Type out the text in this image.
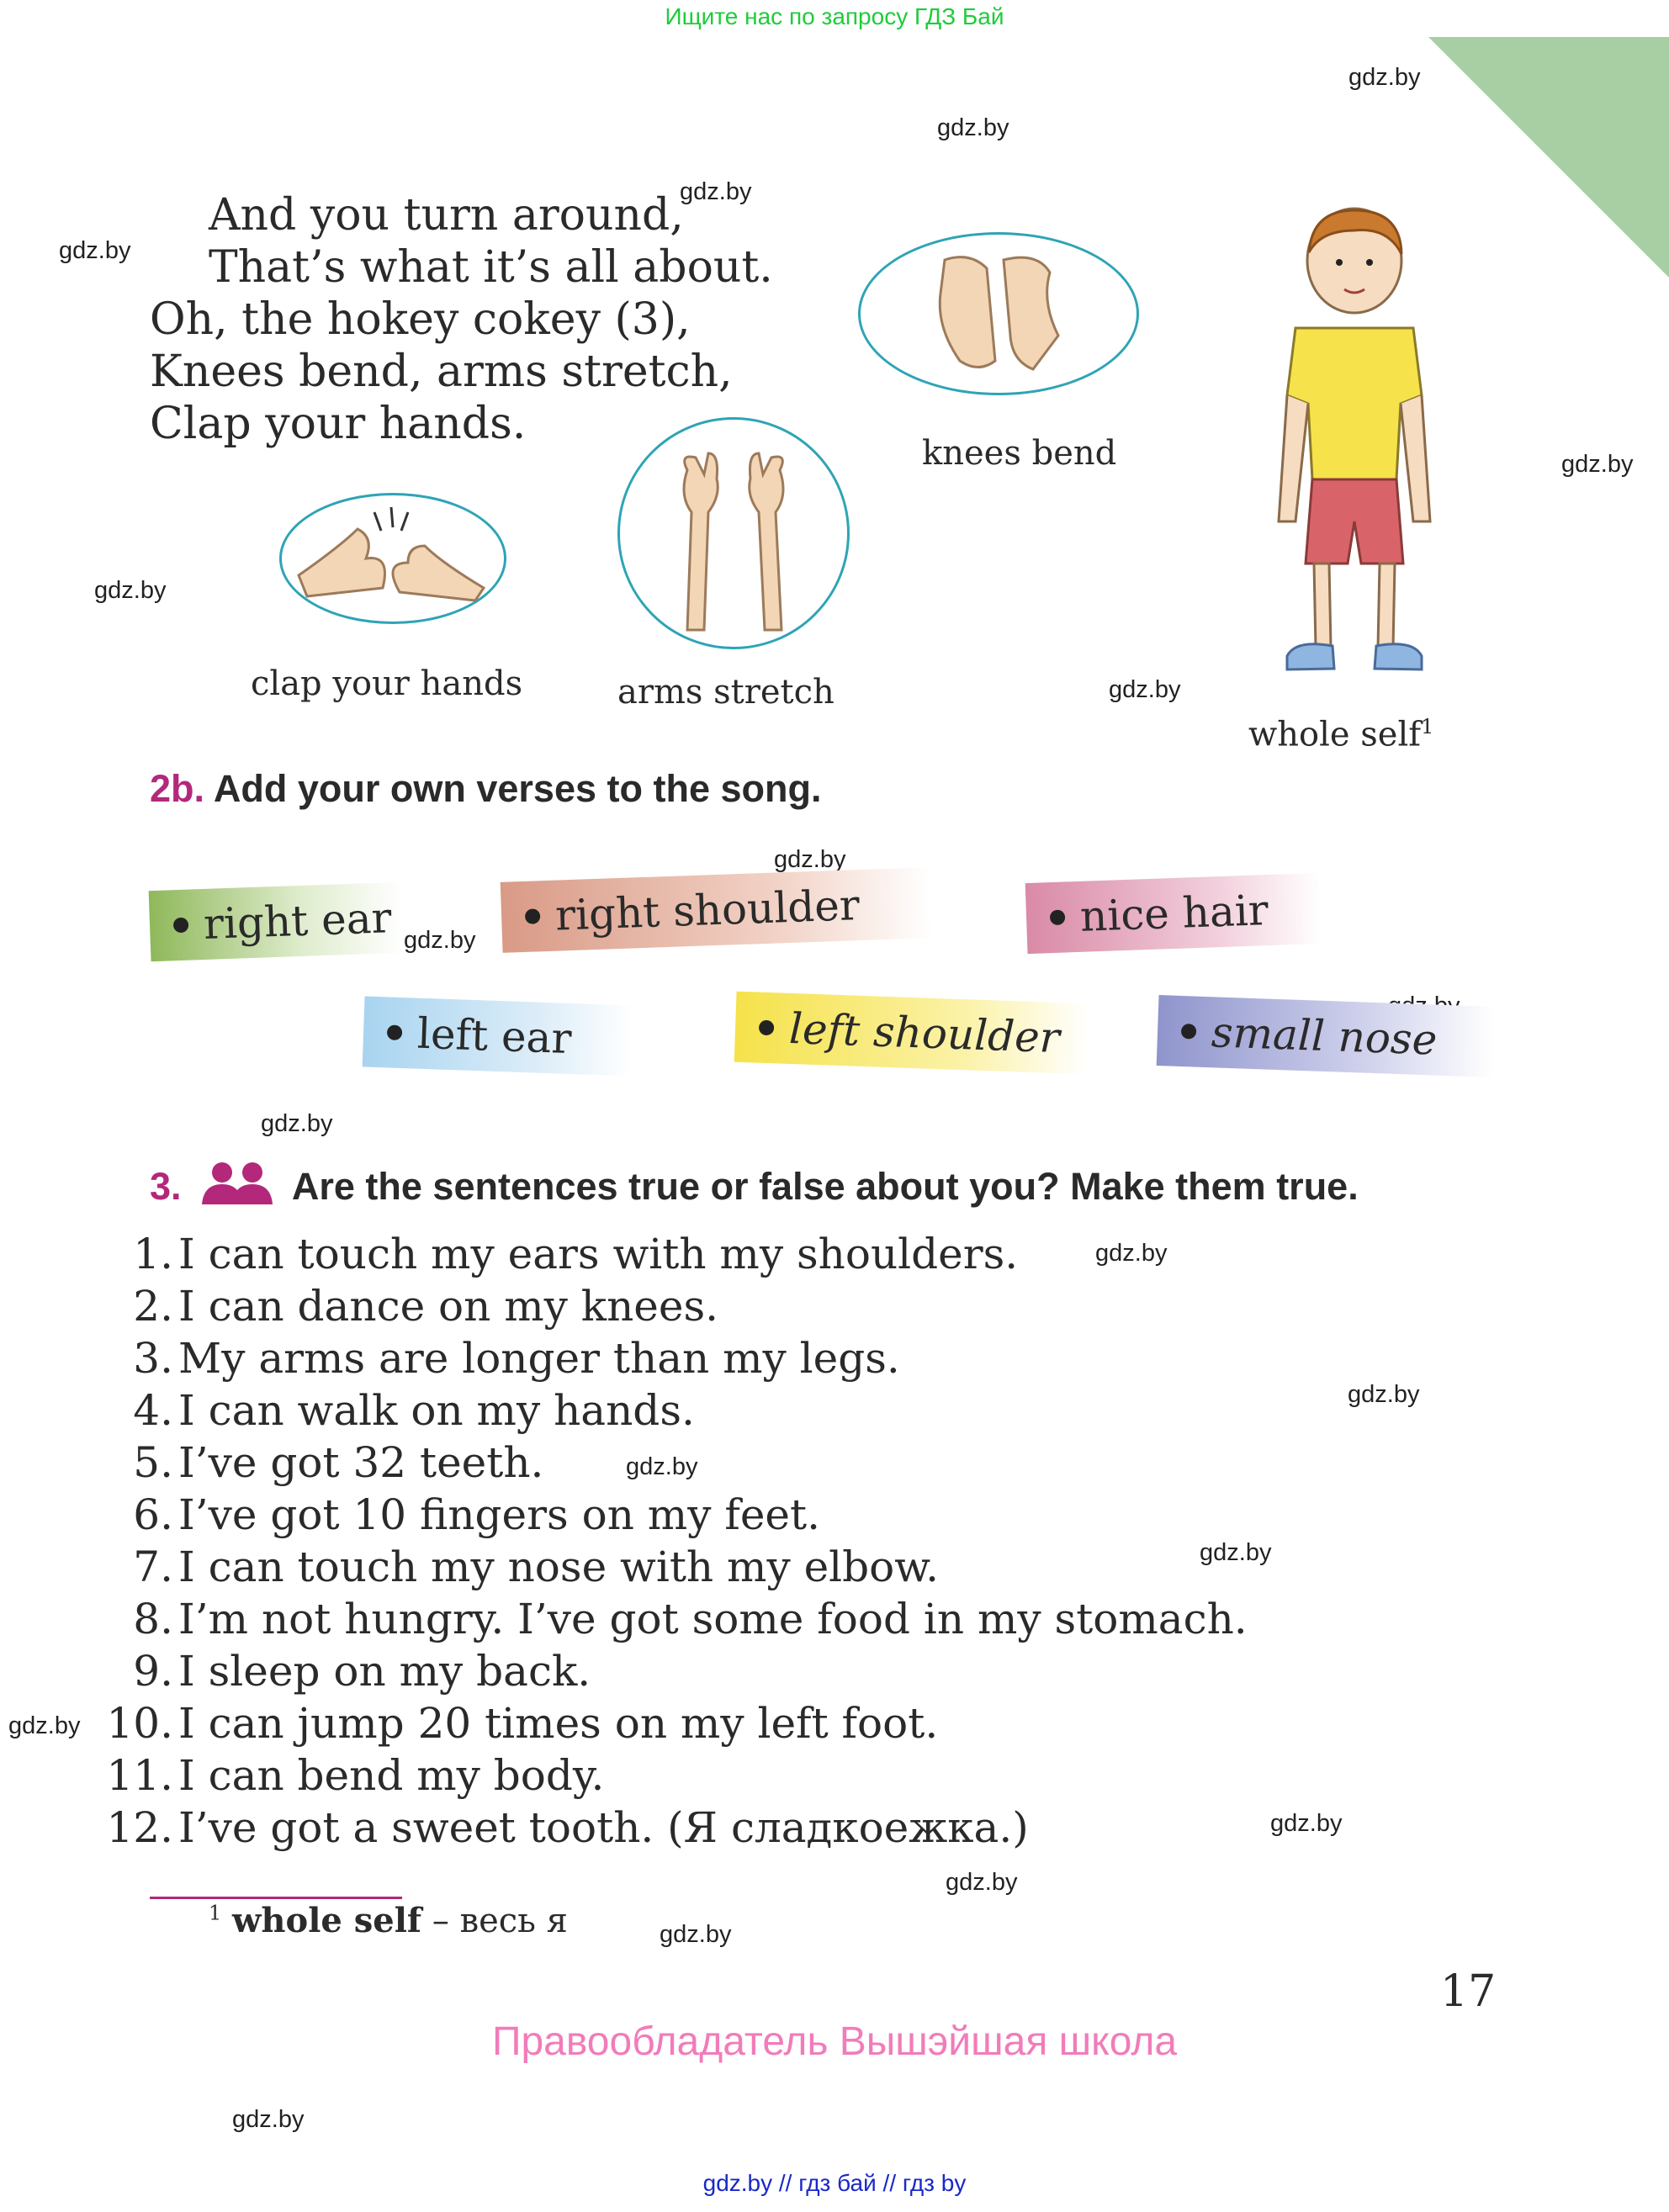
Ищите нас по запросу ГДЗ Бай
gdz.by
gdz.by
gdz.by
gdz.by
gdz.by
gdz.by
gdz.by
gdz.by
gdz.by
gdz.by
gdz.by
gdz.by
gdz.by
gdz.by
gdz.by
gdz.by
gdz.by
gdz.by
gdz.by
And you turn around,
That’s what it’s all about.
Oh, the hokey cokey (3),
Knees bend, arms stretch,
Clap your hands.
knees bend
clap your hands	arms stretch
whole self$^1$
2b. Add your own verses to the song.
right ear	right shoulder	nice hair
left ear	left shoulder	small nose
3.	Are the sentences true or false about you? Make them true.
1. I can touch my ears with my shoulders.
2. I can dance on my knees.
3. My arms are longer than my legs.
4. I can walk on my hands.
5. I’ve got 32 teeth.
6. I’ve got 10 fingers on my feet.
7. I can touch my nose with my elbow.
8. I’m not hungry. I’ve got some food in my stomach.
9. I sleep on my back.
10. I can jump 20 times on my left foot.
11. I can bend my body.
12. I’ve got a sweet tooth. (Я сладкоежка.)
$^1$ whole self – весь я
17
Правообладатель Вышэйшая школа
gdz.by // гдз бай // гдз by
